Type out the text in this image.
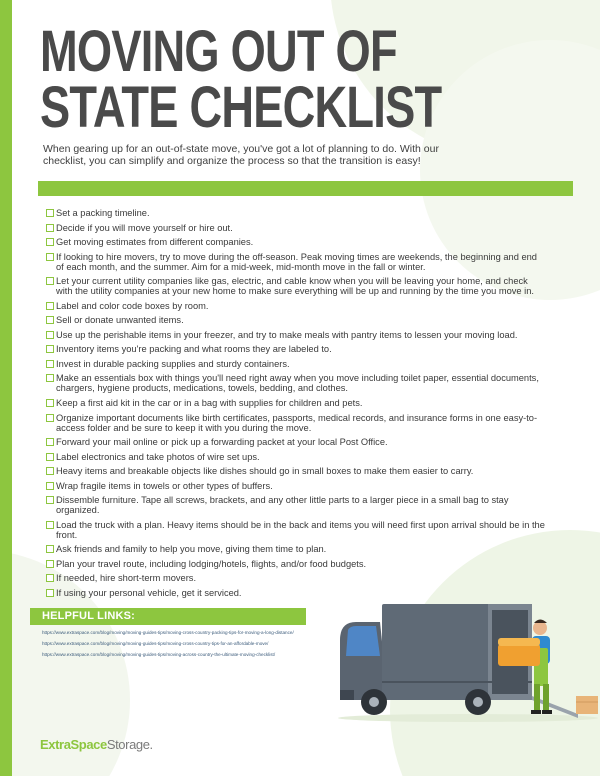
MOVING OUT OF
STATE CHECKLIST

When gearing up for an out-of-state move, you've got a lot of planning to do. With our checklist, you can simplify and organize the process so that the transition is easy!

Set a packing timeline.
Decide if you will move yourself or hire out.
Get moving estimates from different companies.
If looking to hire movers, try to move during the off-season. Peak moving times are weekends, the beginning and end of each month, and the summer. Aim for a mid-week, mid-month move in the fall or winter.
Let your current utility companies like gas, electric, and cable know when you will be leaving your home, and check with the utility companies at your new home to make sure everything will be up and running by the time you move in.
Label and color code boxes by room.
Sell or donate unwanted items.
Use up the perishable items in your freezer, and try to make meals with pantry items to lessen your moving load.
Inventory items you're packing and what rooms they are labeled to.
Invest in durable packing supplies and sturdy containers.
Make an essentials box with things you'll need right away when you move including toilet paper, essential documents, chargers, hygiene products, medications, towels, bedding, and clothes.
Keep a first aid kit in the car or in a bag with supplies for children and pets.
Organize important documents like birth certificates, passports, medical records, and insurance forms in one easy-to-access folder and be sure to keep it with you during the move.
Forward your mail online or pick up a forwarding packet at your local Post Office.
Label electronics and take photos of wire set ups.
Heavy items and breakable objects like dishes should go in small boxes to make them easier to carry.
Wrap fragile items in towels or other types of buffers.
Dissemble furniture. Tape all screws, brackets, and any other little parts to a larger piece in a small bag to stay organized.
Load the truck with a plan. Heavy items should be in the back and items you will need first upon arrival should be in the front.
Ask friends and family to help you move, giving them time to plan.
Plan your travel route, including lodging/hotels, flights, and/or food budgets.
If needed, hire short-term movers.
If using your personal vehicle, get it serviced.
HELPFUL LINKS:
https://www.extraspace.com/blog/moving/moving-guides-tips/moving-cross-country-packing-tips-for-moving-a-long-distance/
https://www.extraspace.com/blog/moving/moving-guides-tips/moving-cross-country-tips-for-an-affordable-move/
https://www.extraspace.com/blog/moving/moving-guides-tips/moving-across-country-the-ultimate-moving-checklist/
ExtraSpaceStorage.
